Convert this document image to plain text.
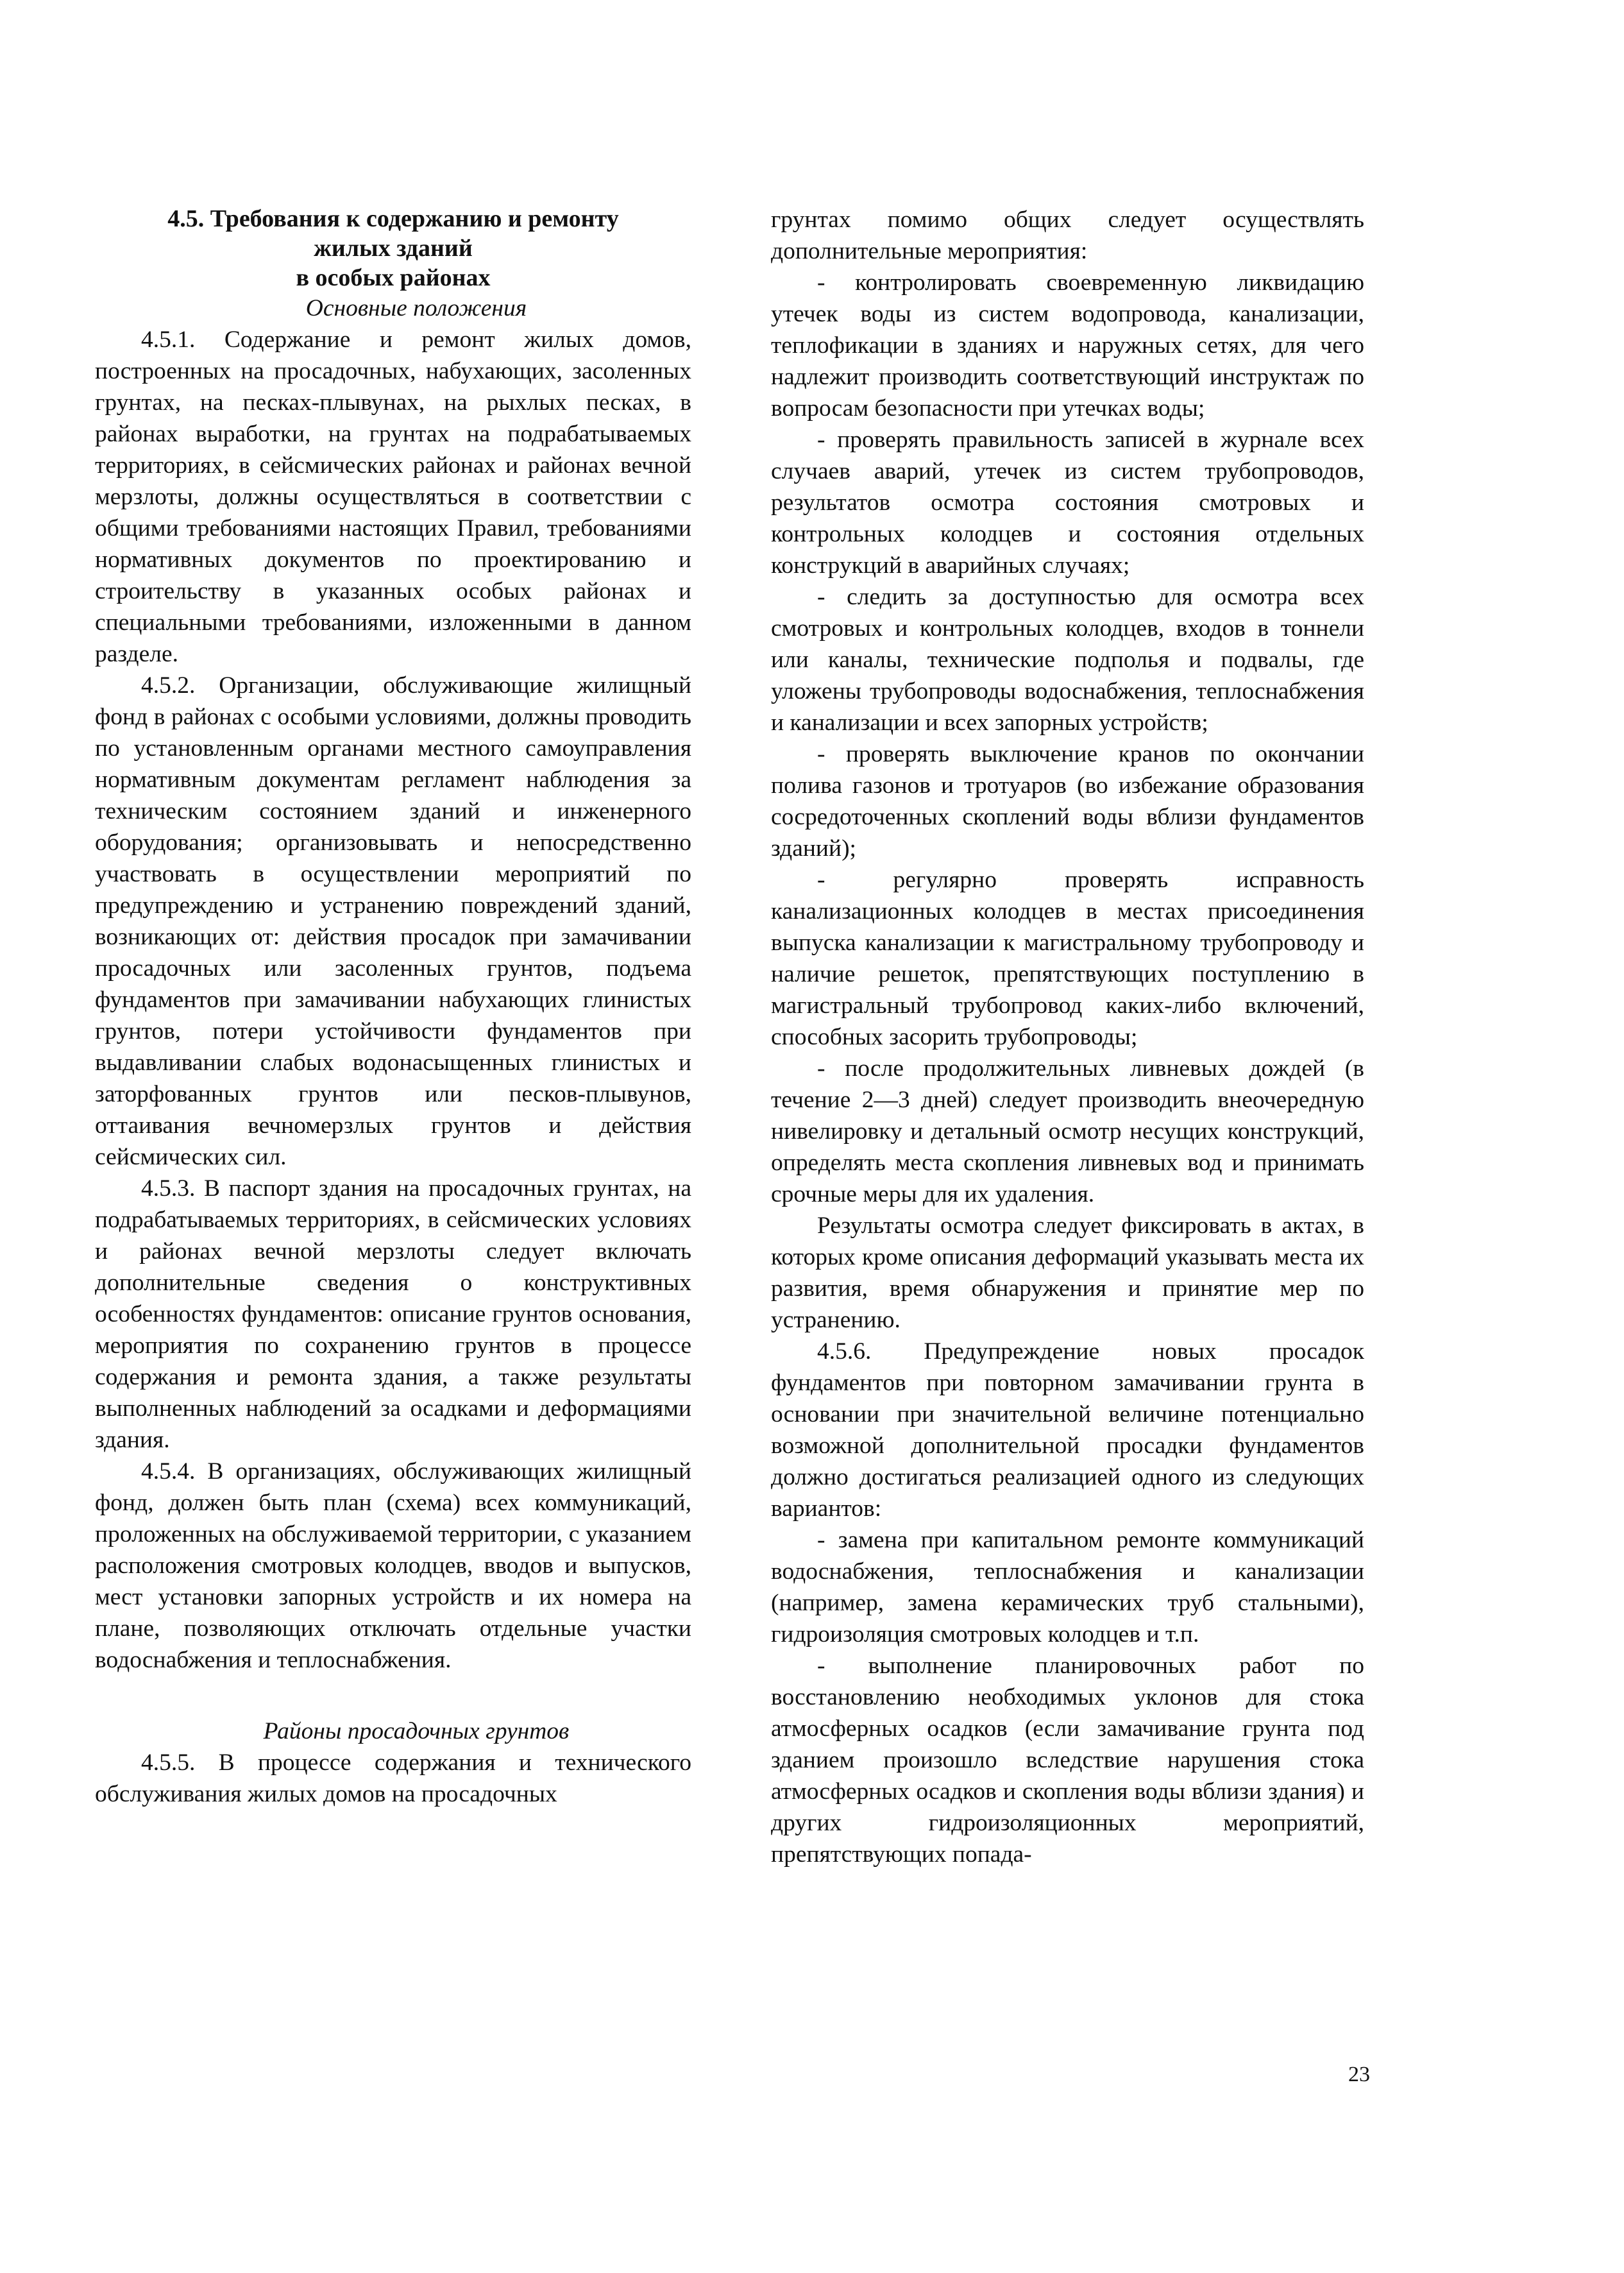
4.5. Требования к содержанию и ремонту
жилых зданий
в особых районах

Основные положения

4.5.1. Содержание и ремонт жилых домов, построенных на просадочных, набухающих, засоленных грунтах, на песках-плывунах, на рыхлых песках, в районах выработки, на грунтах на подрабатываемых территориях, в сейсмических районах и районах вечной мерзлоты, должны осуществляться в соответствии с общими требованиями настоящих Правил, требованиями нормативных документов по проектированию и строительству в указанных особых районах и специальными требованиями, изложенными в данном разделе.

4.5.2. Организации, обслуживающие жилищный фонд в районах с особыми условиями, должны проводить по установленным органами местного самоуправления нормативным документам регламент наблюдения за техническим состоянием зданий и инженерного оборудования; организовывать и непосредственно участвовать в осуществлении мероприятий по предупреждению и устранению повреждений зданий, возникающих от: действия просадок при замачивании просадочных или засоленных грунтов, подъема фундаментов при замачивании набухающих глинистых грунтов, потери устойчивости фундаментов при выдавливании слабых водонасыщенных глинистых и заторфованных грунтов или песков-плывунов, оттаивания вечномерзлых грунтов и действия сейсмических сил.

4.5.3. В паспорт здания на просадочных грунтах, на подрабатываемых территориях, в сейсмических условиях и районах вечной мерзлоты следует включать дополнительные сведения о конструктивных особенностях фундаментов: описание грунтов основания, мероприятия по сохранению грунтов в процессе содержания и ремонта здания, а также результаты выполненных наблюдений за осадками и деформациями здания.

4.5.4. В организациях, обслуживающих жилищный фонд, должен быть план (схема) всех коммуникаций, проложенных на обслуживаемой территории, с указанием расположения смотровых колодцев, вводов и выпусков, мест установки запорных устройств и их номера на плане, позволяющих отключать отдельные участки водоснабжения и теплоснабжения.

Районы просадочных грунтов

4.5.5. В процессе содержания и технического обслуживания жилых домов на просадочных

грунтах помимо общих следует осуществлять дополнительные мероприятия:

- контролировать своевременную ликвидацию утечек воды из систем водопровода, канализации, теплофикации в зданиях и наружных сетях, для чего надлежит производить соответствующий инструктаж по вопросам безопасности при утечках воды;

- проверять правильность записей в журнале всех случаев аварий, утечек из систем трубопроводов, результатов осмотра состояния смотровых и контрольных колодцев и состояния отдельных конструкций в аварийных случаях;

- следить за доступностью для осмотра всех смотровых и контрольных колодцев, входов в тоннели или каналы, технические подполья и подвалы, где уложены трубопроводы водоснабжения, теплоснабжения и канализации и всех запорных устройств;

- проверять выключение кранов по окончании полива газонов и тротуаров (во избежание образования сосредоточенных скоплений воды вблизи фундаментов зданий);

- регулярно проверять исправность канализационных колодцев в местах присоединения выпуска канализации к магистральному трубопроводу и наличие решеток, препятствующих поступлению в магистральный трубопровод каких-либо включений, способных засорить трубопроводы;

- после продолжительных ливневых дождей (в течение 2—3 дней) следует производить внеочередную нивелировку и детальный осмотр несущих конструкций, определять места скопления ливневых вод и принимать срочные меры для их удаления.

Результаты осмотра следует фиксировать в актах, в которых кроме описания деформаций указывать места их развития, время обнаружения и принятие мер по устранению.

4.5.6. Предупреждение новых просадок фундаментов при повторном замачивании грунта в основании при значительной величине потенциально возможной дополнительной просадки фундаментов должно достигаться реализацией одного из следующих вариантов:

- замена при капитальном ремонте коммуникаций водоснабжения, теплоснабжения и канализации (например, замена керамических труб стальными), гидроизоляция смотровых колодцев и т.п.

- выполнение планировочных работ по восстановлению необходимых уклонов для стока атмосферных осадков (если замачивание грунта под зданием произошло вследствие нарушения стока атмосферных осадков и скопления воды вблизи здания) и других гидроизоляционных мероприятий, препятствующих попада-

23
